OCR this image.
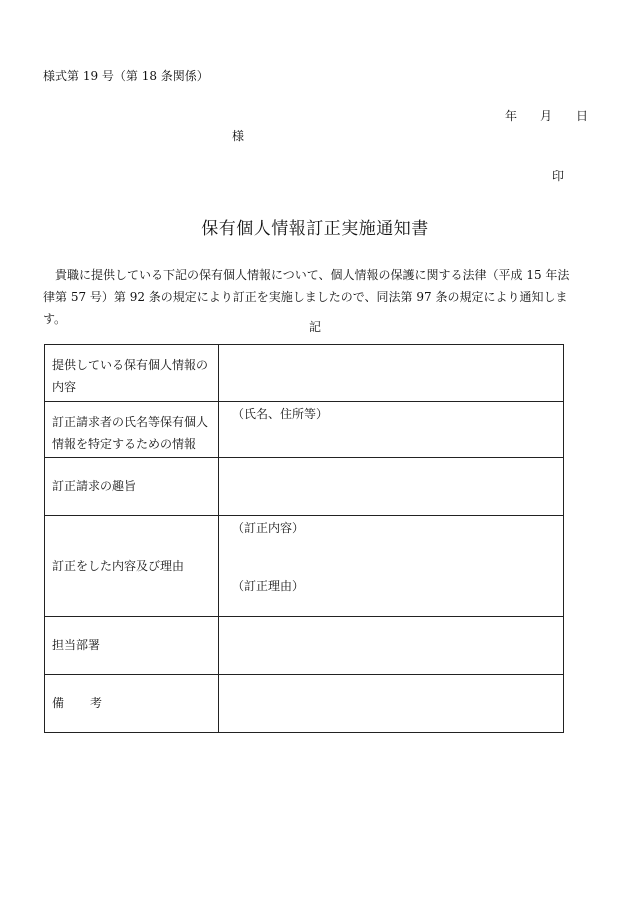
様式第 19 号（第 18 条関係）
年 月 日
様
印
保有個人情報訂正実施通知書
貴職に提供している下記の保有個人情報について、個人情報の保護に関する法律（平成 15 年法律第 57 号）第 92 条の規定により訂正を実施しましたので、同法第 97 条の規定により通知します。
記
提供している保有個人情報の内容	

訂正請求者の氏名等保有個人情報を特定するための情報	（氏名、住所等）

訂正請求の趣旨	

訂正をした内容及び理由	（訂正内容）
（訂正理由）

担当部署	

備 考	
